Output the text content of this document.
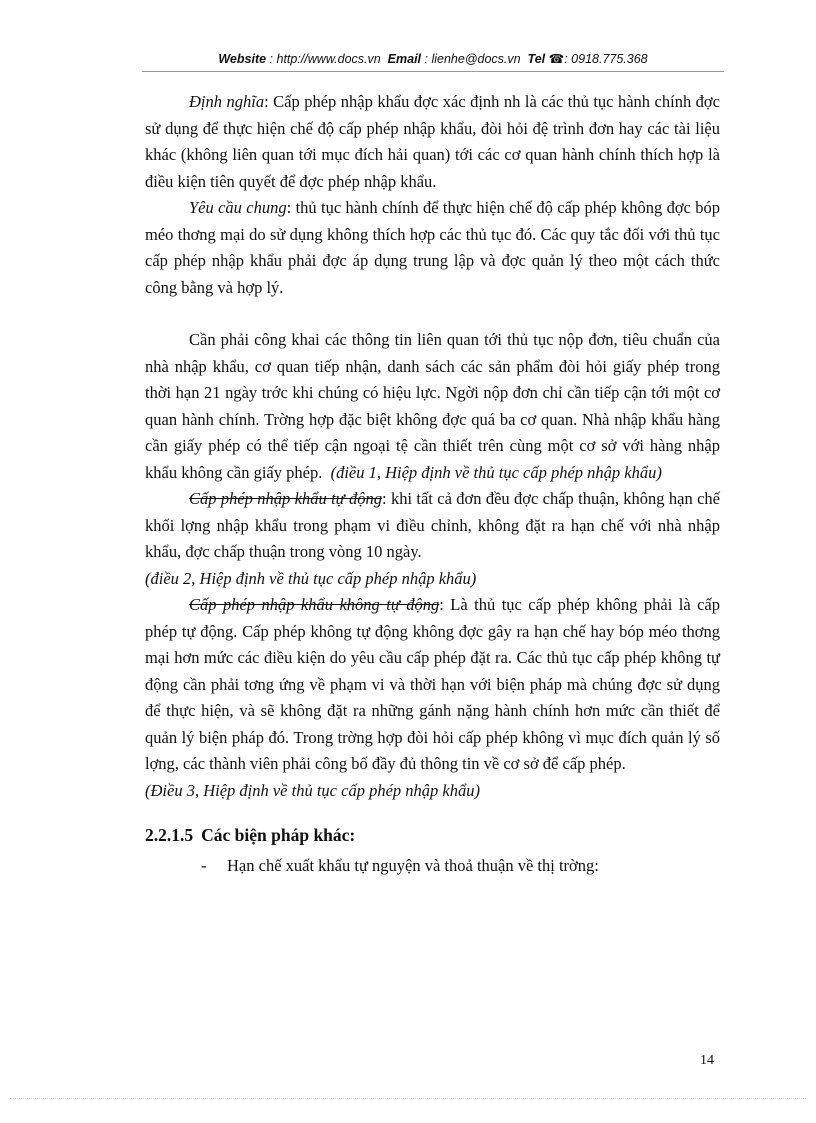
Website : http://www.docs.vn Email : lienhe@docs.vn Tel ☎: 0918.775.368

Định nghĩa: Cấp phép nhập khẩu đợc xác định nh là các thủ tục hành chính đợc sử dụng để thực hiện chế độ cấp phép nhập khẩu, đòi hỏi đệ trình đơn hay các tài liệu khác (không liên quan tới mục đích hải quan) tới các cơ quan hành chính thích hợp là điều kiện tiên quyết để đợc phép nhập khẩu.

Yêu cầu chung: thủ tục hành chính để thực hiện chế độ cấp phép không đợc bóp méo thơng mại do sử dụng không thích hợp các thủ tục đó. Các quy tắc đối với thủ tục cấp phép nhập khẩu phải đợc áp dụng trung lập và đợc quản lý theo một cách thức công bằng và hợp lý.

Cần phải công khai các thông tin liên quan tới thủ tục nộp đơn, tiêu chuẩn của nhà nhập khẩu, cơ quan tiếp nhận, danh sách các sản phẩm đòi hỏi giấy phép trong thời hạn 21 ngày trớc khi chúng có hiệu lực. Ngời nộp đơn chỉ cần tiếp cận tới một cơ quan hành chính. Trờng hợp đặc biệt không đợc quá ba cơ quan. Nhà nhập khẩu hàng cần giấy phép có thể tiếp cận ngoại tệ cần thiết trên cùng một cơ sở với hàng nhập khẩu không cần giấy phép. (điều 1, Hiệp định về thủ tục cấp phép nhập khẩu)

Cấp phép nhập khẩu tự động: khi tất cả đơn đều đợc chấp thuận, không hạn chế khối lợng nhập khẩu trong phạm vi điều chỉnh, không đặt ra hạn chế với nhà nhập khẩu, đợc chấp thuận trong vòng 10 ngày.

(điều 2, Hiệp định về thủ tục cấp phép nhập khẩu)

Cấp phép nhập khẩu không tự động: Là thủ tục cấp phép không phải là cấp phép tự động. Cấp phép không tự động không đợc gây ra hạn chế hay bóp méo thơng mại hơn mức các điều kiện do yêu cầu cấp phép đặt ra. Các thủ tục cấp phép không tự động cần phải tơng ứng về phạm vi và thời hạn với biện pháp mà chúng đợc sử dụng để thực hiện, và sẽ không đặt ra những gánh nặng hành chính hơn mức cần thiết để quản lý biện pháp đó. Trong trờng hợp đòi hỏi cấp phép không vì mục đích quản lý số lợng, các thành viên phải công bố đầy đủ thông tin về cơ sở để cấp phép.

(Điều 3, Hiệp định về thủ tục cấp phép nhập khẩu)

2.2.1.5 Các biện pháp khác:
-	Hạn chế xuất khẩu tự nguyện và thoả thuận về thị trờng:
14
